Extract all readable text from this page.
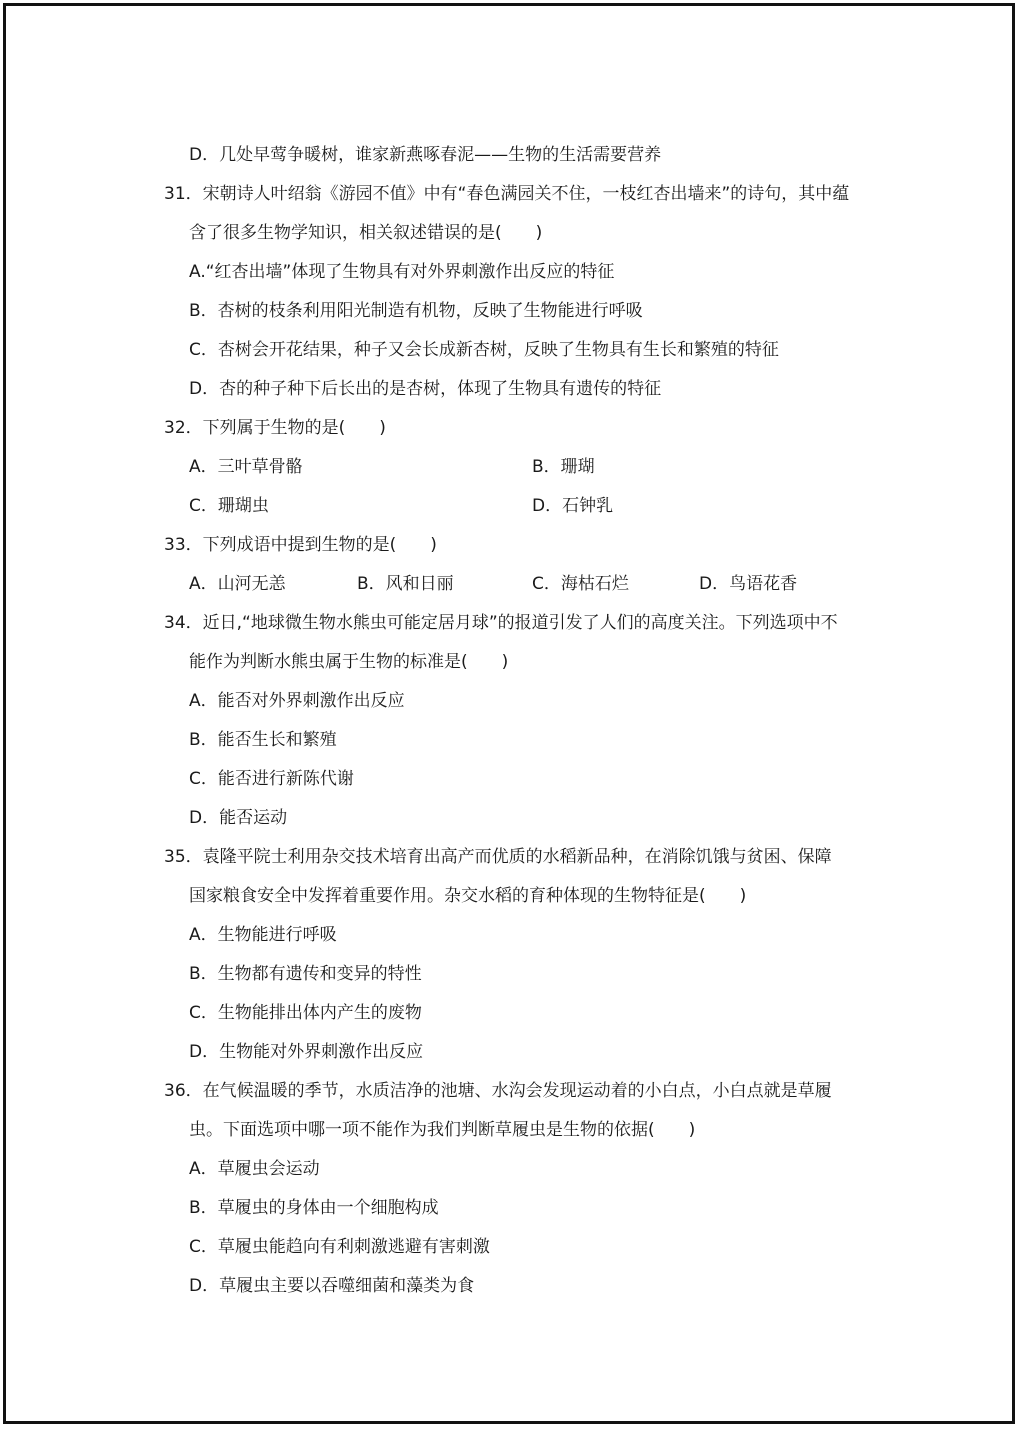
D．几处早莺争暖树，谁家新燕啄春泥——生物的生活需要营养
31．宋朝诗人叶绍翁《游园不值》中有“春色满园关不住，一枝红杏出墙来”的诗句，其中蕴
含了很多生物学知识，相关叙述错误的是(　　)
A.“红杏出墙”体现了生物具有对外界刺激作出反应的特征
B．杏树的枝条利用阳光制造有机物，反映了生物能进行呼吸
C．杏树会开花结果，种子又会长成新杏树，反映了生物具有生长和繁殖的特征
D．杏的种子种下后长出的是杏树，体现了生物具有遗传的特征
32．下列属于生物的是(　　)
A．三叶草骨骼	B．珊瑚
C．珊瑚虫	D．石钟乳
33．下列成语中提到生物的是(　　)
A．山河无恙	B．风和日丽	C．海枯石烂	D．鸟语花香
34．近日,“地球微生物水熊虫可能定居月球”的报道引发了人们的高度关注。下列选项中不
能作为判断水熊虫属于生物的标准是(　　)
A．能否对外界刺激作出反应
B．能否生长和繁殖
C．能否进行新陈代谢
D．能否运动
35．袁隆平院士利用杂交技术培育出高产而优质的水稻新品种，在消除饥饿与贫困、保障
国家粮食安全中发挥着重要作用。杂交水稻的育种体现的生物特征是(　　)
A．生物能进行呼吸
B．生物都有遗传和变异的特性
C．生物能排出体内产生的废物
D．生物能对外界刺激作出反应
36．在气候温暖的季节，水质洁净的池塘、水沟会发现运动着的小白点，小白点就是草履
虫。下面选项中哪一项不能作为我们判断草履虫是生物的依据(　　)
A．草履虫会运动
B．草履虫的身体由一个细胞构成
C．草履虫能趋向有利刺激逃避有害刺激
D．草履虫主要以吞噬细菌和藻类为食
